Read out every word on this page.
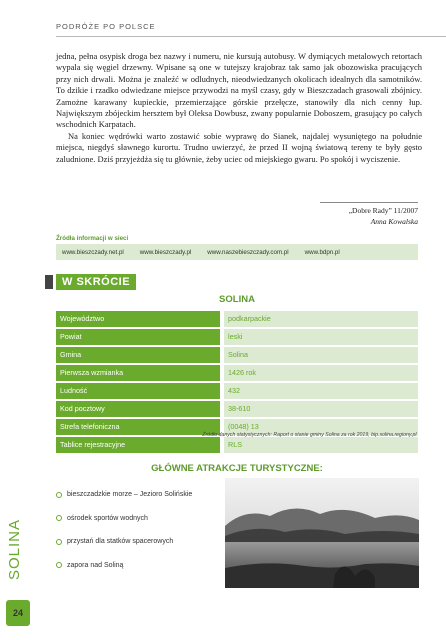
PODRÓŻE PO POLSCE

jedna, pełna osypisk droga bez nazwy i numeru, nie kursują autobusy. W dymiących metalowych retortach wypala się węgiel drzewny. Wpisane są one w tutejszy krajobraz tak samo jak obozowiska pracujących przy nich drwali. Można je znaleźć w odludnych, nieodwiedzanych okolicach idealnych dla samotników. To dzikie i rzadko odwiedzane miejsce przywodzi na myśl czasy, gdy w Bieszczadach grasowali zbójnicy. Zamożne karawany kupieckie, przemierzające górskie przełęcze, stanowiły dla nich cenny łup. Największym zbójeckim hersztem był Oleksa Dowbusz, zwany popularnie Doboszem, grasujący po całych wschodnich Karpatach.

Na koniec wędrówki warto zostawić sobie wyprawę do Sianek, najdalej wysuniętego na południe miejsca, niegdyś sławnego kurortu. Trudno uwierzyć, że przed II wojną światową tereny te były gęsto zaludnione. Dziś przyjeżdża się tu głównie, żeby uciec od miejskiego gwaru. Po spokój i wyciszenie.

„Dobre Rady” 11/2007
Anna Kowalska
Źródła informacji w sieci
www.bieszczady.net.pl	www.bieszczady.pl	www.naszebieszczady.com.pl	www.bdpn.pl
W SKRÓCIE
SOLINA
Województwo	podkarpackie
Powiat	leski
Gmina	Solina
Pierwsza wzmianka	1426 rok
Ludność	432
Kod pocztowy	38-610
Strefa telefoniczna	(0048) 13
Tablice rejestracyjne	RLS
Źródło danych statystycznych: Raport o stanie gminy Solina za rok 2019, bip.solina.regiony.pl.
GŁÓWNE ATRAKCJE TURYSTYCZNE:
bieszczadzkie morze – Jezioro Solińskie
ośrodek sportów wodnych
przystań dla statków spacerowych
zapora nad Soliną
SOLINA
24
